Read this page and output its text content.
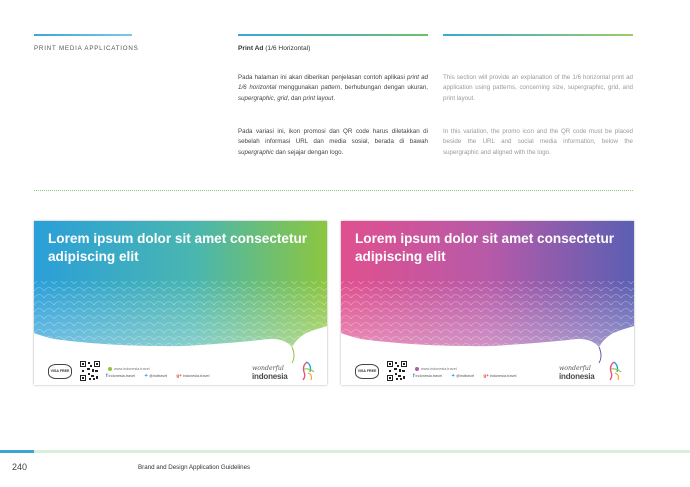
PRINT MEDIA APPLICATIONS	Print Ad (1/6 Horizontal)

Pada halaman ini akan diberikan penjelasan contoh aplikasi print ad 1/6 horizontal menggunakan pattern, berhubungan dengan ukuran, supergraphic, grid, dan print layout.

Pada variasi ini, ikon promosi dan QR code harus diletakkan di sebelah informasi URL dan media sosial, berada di bawah supergraphic dan sejajar dengan logo.

This section will provide an explanation of the 1/6 horizontal print ad application using patterns, concerning size, supergraphic, grid, and print layout.

In this variation, the promo icon and the QR code must be placed beside the URL and social media information, below the supergraphic and aligned with the logo.

Lorem ipsum dolor sit amet consectetur adipiscing elit
VISA FREE	www.indonesia.travel
findonesia.travel ✦@indtravel g+indonesia.travel
wonderful
indonesia
Lorem ipsum dolor sit amet consectetur adipiscing elit
VISA FREE	www.indonesia.travel
findonesia.travel ✦@indtravel g+indonesia.travel
wonderful
indonesia
240	Brand and Design Application Guidelines
